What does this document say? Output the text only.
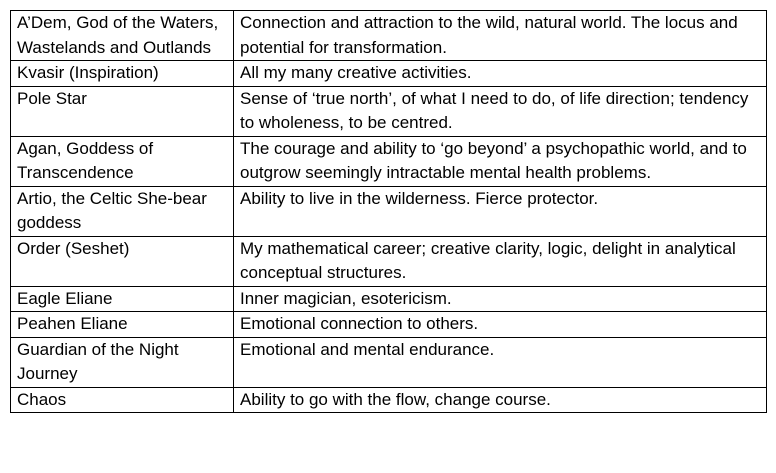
A’Dem, God of the Waters, Wastelands and Outlands	Connection and attraction to the wild, natural world. The locus and potential for transformation.
Kvasir (Inspiration)	All my many creative activities.
Pole Star	Sense of ‘true north’, of what I need to do, of life direction; tendency to wholeness, to be centred.
Agan, Goddess of Transcendence	The courage and ability to ‘go beyond’ a psychopathic world, and to outgrow seemingly intractable mental health problems.
Artio, the Celtic She-bear goddess	Ability to live in the wilderness. Fierce protector.
Order (Seshet)	My mathematical career; creative clarity, logic, delight in analytical conceptual structures.
Eagle Eliane	Inner magician, esotericism.
Peahen Eliane	Emotional connection to others.
Guardian of the Night Journey	Emotional and mental endurance.
Chaos	Ability to go with the flow, change course.
